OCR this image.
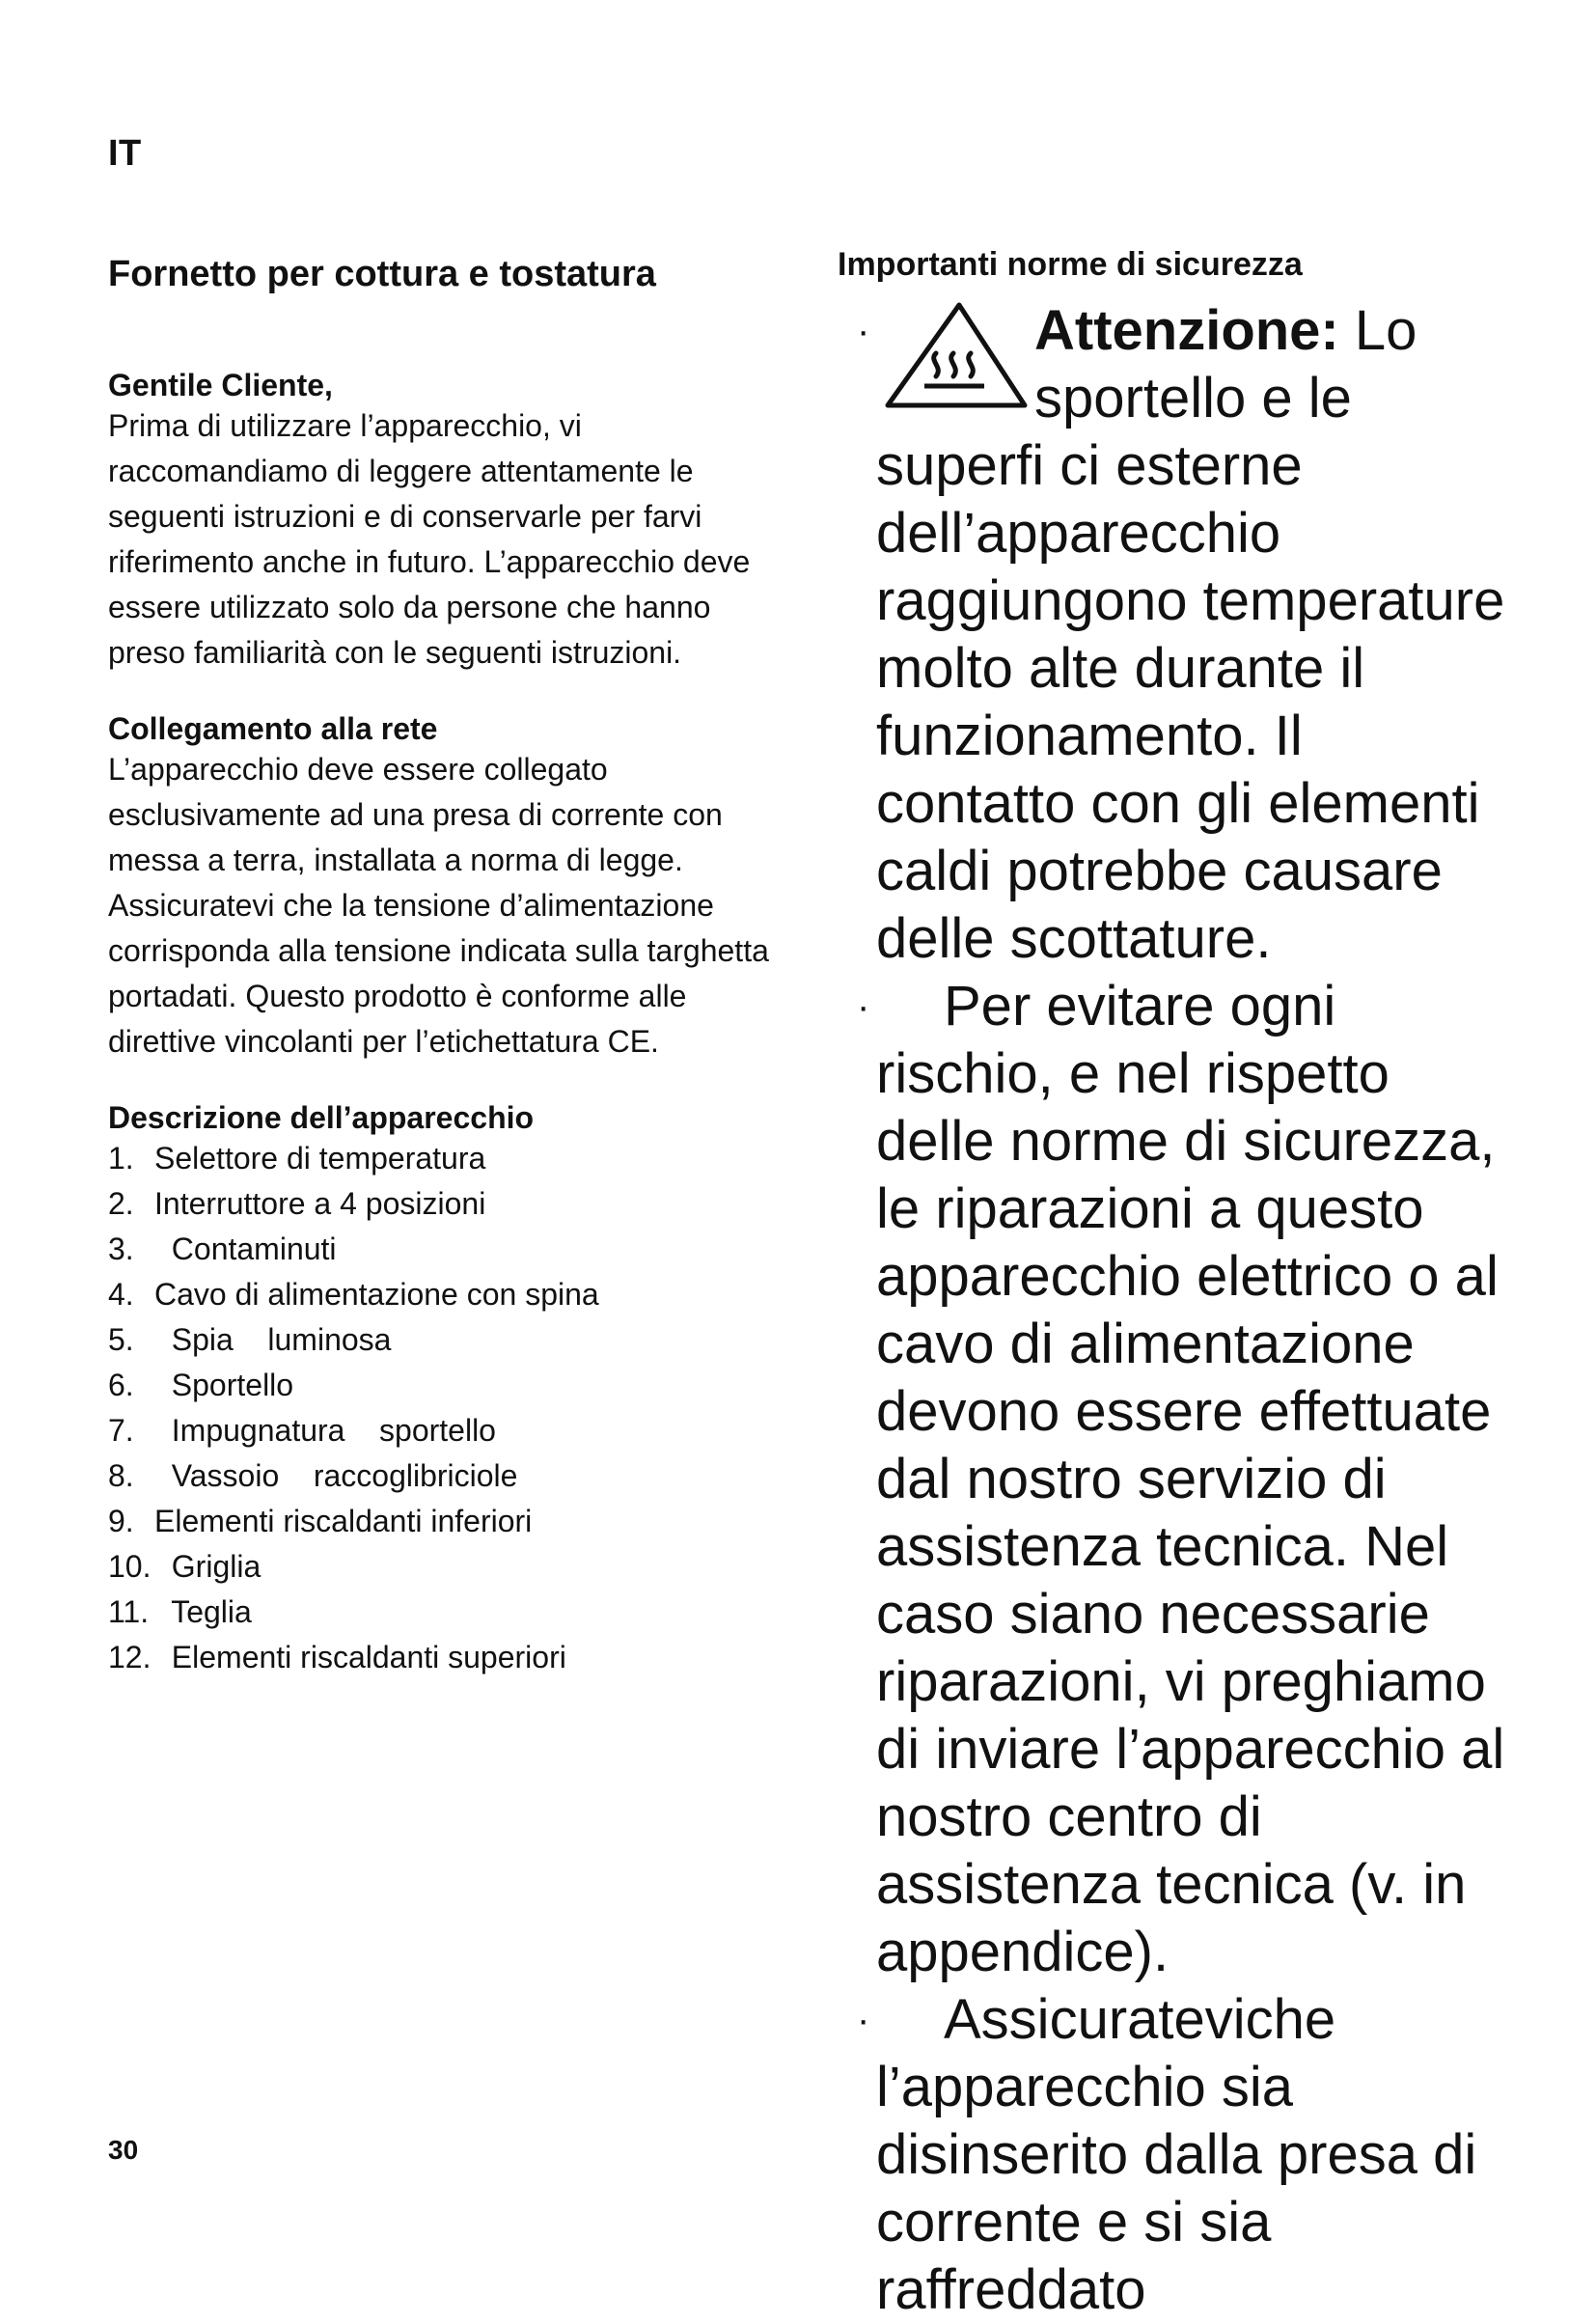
IT
Fornetto per cottura e tostatura
Gentile Cliente,

Prima di utilizzare l’apparecchio, vi raccomandiamo di leggere attentamente le seguenti istruzioni e di conservarle per farvi riferimento anche in futuro. L’apparecchio deve essere utilizzato solo da persone che hanno preso familiarità con le seguenti istruzioni.

Collegamento alla rete

L’apparecchio deve essere collegato esclusivamente ad una presa di corrente con messa a terra, installata a norma di legge. Assicuratevi che la tensione d’alimentazione corrisponda alla tensione indicata sulla targhetta portadati. Questo prodotto è conforme alle direttive vincolanti per l’etichettatura CE.

Descrizione dell’apparecchio
1. Selettore di temperatura
2. Interruttore a 4 posizioni
3. Contaminuti
4. Cavo di alimentazione con spina
5. Spia    luminosa
6. Sportello
7. Impugnatura    sportello
8. Vassoio    raccoglibriciole
9. Elementi riscaldanti inferiori
10. Griglia
11. Teglia
12. Elementi riscaldanti superiori
Importanti norme di sicurezza
·	Attenzione: Lo
sportello e le
superfi ci esterne dell’apparecchio raggiungono temperature molto alte durante il funzionamento. Il contatto con gli elementi caldi potrebbe causare delle scottature.
·	Per evitare ogni rischio, e nel rispetto delle norme di sicurezza, le riparazioni a questo apparecchio elettrico o al cavo di alimentazione devono essere effettuate dal nostro servizio di assistenza tecnica. Nel caso siano necessarie riparazioni, vi preghiamo di inviare l’apparecchio al nostro centro di assistenza tecnica (v. in appendice).
·	Assicurateviche l’apparecchio sia disinserito dalla presa di corrente e si sia raffreddato
30
